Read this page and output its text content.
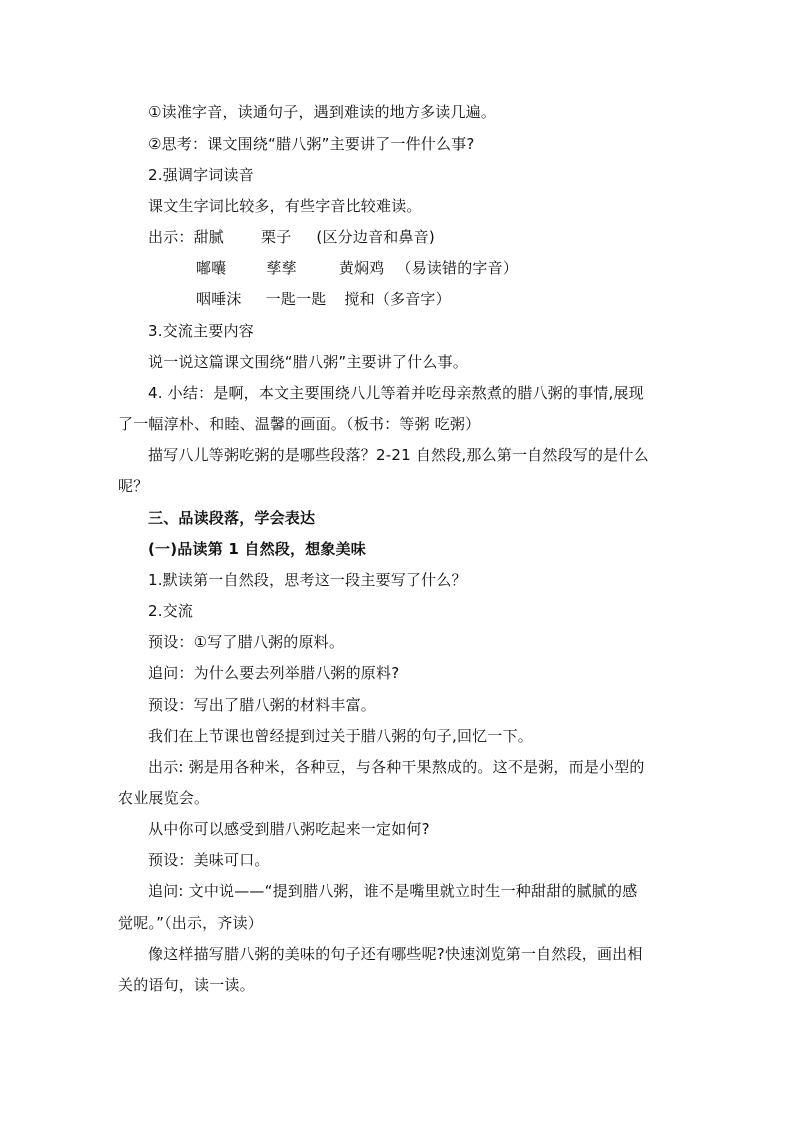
①读准字音，读通句子，遇到难读的地方多读几遍。
②思考：课文围绕“腊八粥”主要讲了一件什么事?
2.强调字词读音
课文生字词比较多，有些字音比较难读。
出示：甜腻 栗子 (区分边音和鼻音)
嘟囔	孳孳	黄焖鸡 （易读错的字音）
咽唾沫 一匙一匙 搅和（多音字）
3.交流主要内容
说一说这篇课文围绕“腊八粥”主要讲了什么事。
4. 小结：是啊，本文主要围绕八儿等着并吃母亲熬煮的腊八粥的事情,展现
了一幅淳朴、和睦、温馨的画面。（板书：等粥 吃粥）
描写八儿等粥吃粥的是哪些段落？2-21 自然段,那么第一自然段写的是什么
呢？
三、品读段落，学会表达
(一)品读第 1 自然段，想象美味
1.默读第一自然段，思考这一段主要写了什么？
2.交流
预设：①写了腊八粥的原料。
追问：为什么要去列举腊八粥的原料?
预设：写出了腊八粥的材料丰富。
我们在上节课也曾经提到过关于腊八粥的句子,回忆一下。
出示: 粥是用各种米，各种豆，与各种干果熬成的。这不是粥，而是小型的
农业展览会。
从中你可以感受到腊八粥吃起来一定如何?
预设：美味可口。
追问: 文中说——“提到腊八粥，谁不是嘴里就立时生一种甜甜的腻腻的感
觉呢。”（出示，齐读）
像这样描写腊八粥的美味的句子还有哪些呢?快速浏览第一自然段，画出相
关的语句，读一读。
